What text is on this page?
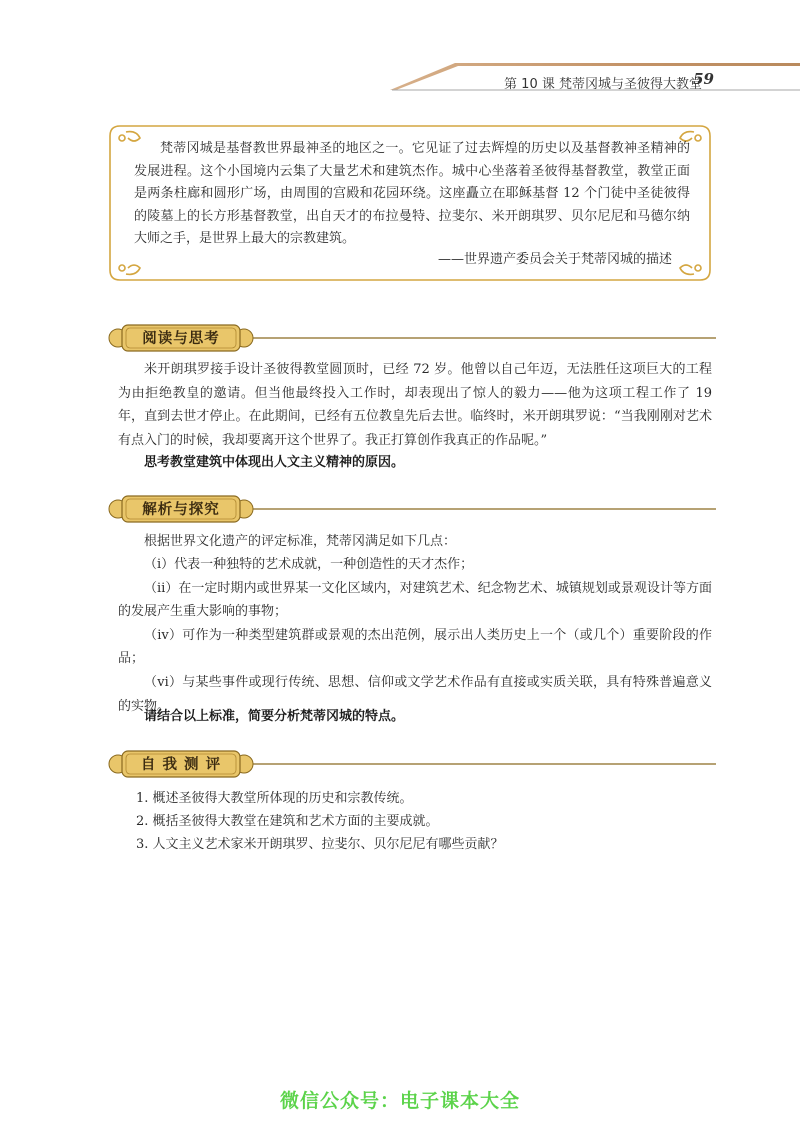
第 10 课 梵蒂冈城与圣彼得大教堂
59
梵蒂冈城是基督教世界最神圣的地区之一。它见证了过去辉煌的历史以及基督教神圣精神的发展进程。这个小国境内云集了大量艺术和建筑杰作。城中心坐落着圣彼得基督教堂，教堂正面是两条柱廊和圆形广场，由周围的宫殿和花园环绕。这座矗立在耶稣基督 12 个门徒中圣徒彼得的陵墓上的长方形基督教堂，出自天才的布拉曼特、拉斐尔、米开朗琪罗、贝尔尼尼和马德尔纳大师之手，是世界上最大的宗教建筑。
——世界遗产委员会关于梵蒂冈城的描述
阅读与思考

米开朗琪罗接手设计圣彼得教堂圆顶时，已经 72 岁。他曾以自己年迈，无法胜任这项巨大的工程为由拒绝教皇的邀请。但当他最终投入工作时，却表现出了惊人的毅力——他为这项工程工作了 19 年，直到去世才停止。在此期间，已经有五位教皇先后去世。临终时，米开朗琪罗说：“当我刚刚对艺术有点入门的时候，我却要离开这个世界了。我正打算创作我真正的作品呢。”

思考教堂建筑中体现出人文主义精神的原因。
解析与探究
根据世界文化遗产的评定标准，梵蒂冈满足如下几点：
（ⅰ）代表一种独特的艺术成就，一种创造性的天才杰作；
（ⅱ）在一定时期内或世界某一文化区域内，对建筑艺术、纪念物艺术、城镇规划或景观设计等方面的发展产生重大影响的事物；
（ⅳ）可作为一种类型建筑群或景观的杰出范例，展示出人类历史上一个（或几个）重要阶段的作品；
（ⅵ）与某些事件或现行传统、思想、信仰或文学艺术作品有直接或实质关联，具有特殊普遍意义的实物。
请结合以上标准，简要分析梵蒂冈城的特点。
自 我 测 评
1. 概述圣彼得大教堂所体现的历史和宗教传统。
2. 概括圣彼得大教堂在建筑和艺术方面的主要成就。
3. 人文主义艺术家米开朗琪罗、拉斐尔、贝尔尼尼有哪些贡献？
微信公众号：电子课本大全
